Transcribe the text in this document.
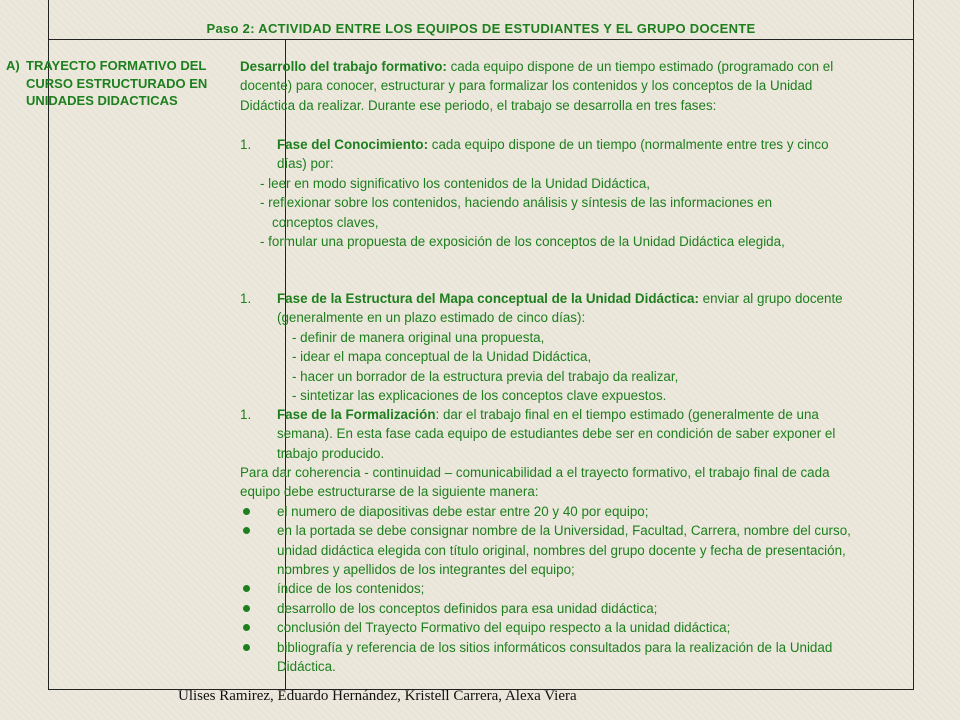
Paso 2: ACTIVIDAD ENTRE LOS EQUIPOS DE ESTUDIANTES Y EL GRUPO DOCENTE
A) TRAYECTO FORMATIVO DEL CURSO ESTRUCTURADO EN UNIDADES DIDACTICAS
Desarrollo del trabajo formativo: cada equipo dispone de un tiempo estimado (programado con el docente) para conocer, estructurar y para formalizar los contenidos y los conceptos de la Unidad Didáctica da realizar. Durante ese periodo, el trabajo se desarrolla en tres fases:
1.	Fase del Conocimiento: cada equipo dispone de un tiempo (normalmente entre tres y cinco días) por:
- leer en modo significativo los contenidos de la Unidad Didáctica,
- reflexionar sobre los contenidos, haciendo análisis y síntesis de las informaciones en
conceptos claves,
- formular una propuesta de exposición de los conceptos de la Unidad Didáctica elegida,
1.	Fase de la Estructura del Mapa conceptual de la Unidad Didáctica: enviar al grupo docente (generalmente en un plazo estimado de cinco días):
- definir de manera original una propuesta,
- idear el mapa conceptual de la Unidad Didáctica,
- hacer un borrador de la estructura previa del trabajo da realizar,
- sintetizar las explicaciones de los conceptos clave expuestos.
1.	Fase de la Formalización: dar el trabajo final en el tiempo estimado (generalmente de una semana). En esta fase cada equipo de estudiantes debe ser en condición de saber exponer el trabajo producido.
Para dar coherencia - continuidad – comunicabilidad a el trayecto formativo, el trabajo final de cada equipo debe estructurarse de la siguiente manera:
el numero de diapositivas debe estar entre 20 y 40 por equipo;
en la portada se debe consignar nombre de la Universidad, Facultad, Carrera, nombre del curso, unidad didáctica elegida con título original, nombres del grupo docente y fecha de presentación, nombres y apellidos de los integrantes del equipo;
índice de los contenidos;
desarrollo de los conceptos definidos para esa unidad didáctica;
conclusión del Trayecto Formativo del equipo respecto a la unidad didáctica;
bibliografía y referencia de los sitios informáticos consultados para la realización de la Unidad Didáctica.
Ulises Ramirez, Eduardo Hernández, Kristell Carrera, Alexa Viera
